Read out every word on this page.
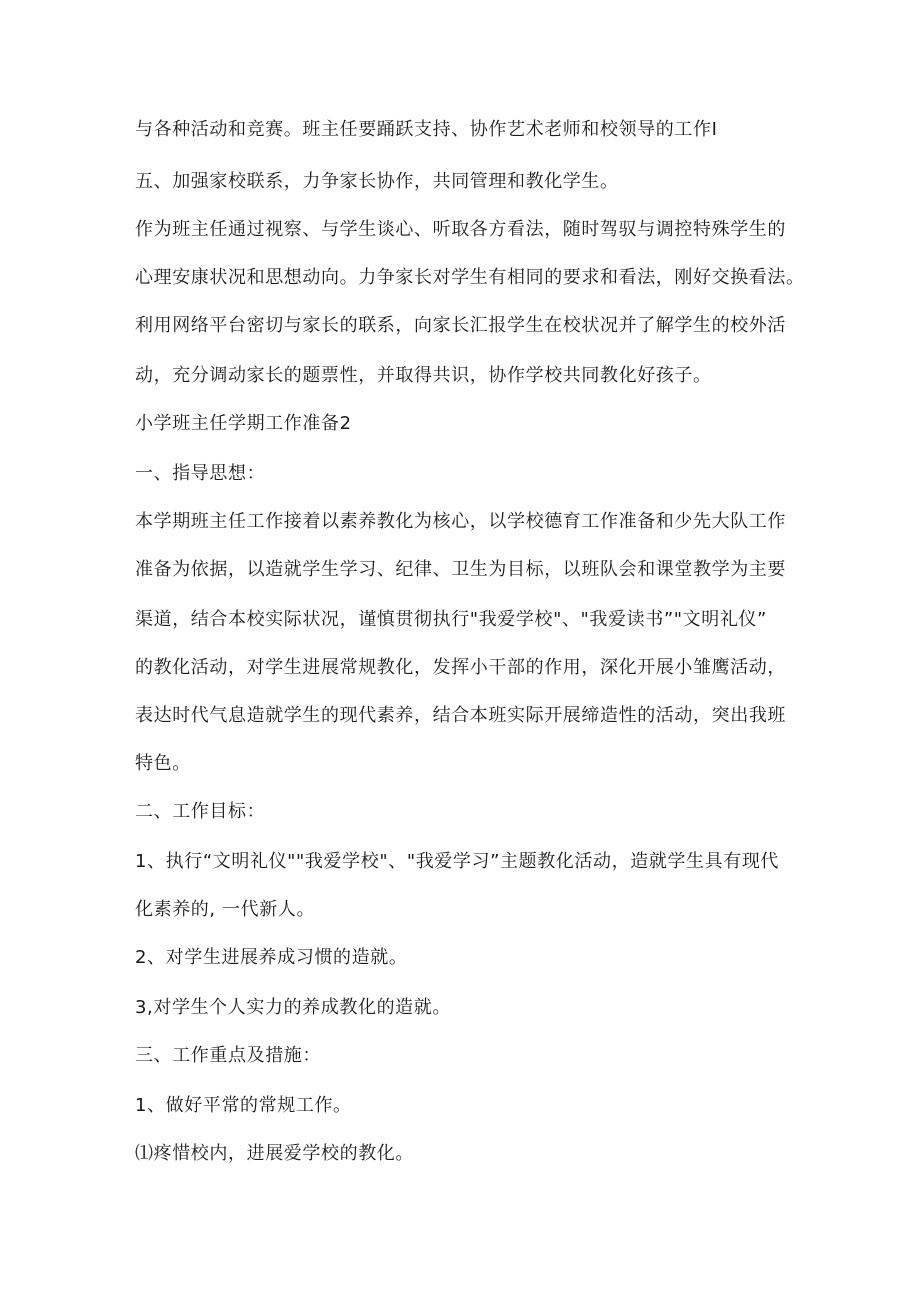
与各种活动和竞赛。班主任要踊跃支持、协作艺术老师和校领导的工作I
五、加强家校联系，力争家长协作，共同管理和教化学生。
作为班主任通过视察、与学生谈心、听取各方看法，随时驾驭与调控特殊学生的
心理安康状况和思想动向。力争家长对学生有相同的要求和看法，刚好交换看法。
利用网络平台密切与家长的联系，向家长汇报学生在校状况并了解学生的校外活
动，充分调动家长的题票性，并取得共识，协作学校共同教化好孩子。
小学班主任学期工作准备2
一、指导思想：
本学期班主任工作接着以素养教化为核心，以学校德育工作准备和少先大队工作
准备为依据，以造就学生学习、纪律、卫生为目标，以班队会和课堂教学为主要
渠道，结合本校实际状况，谨慎贯彻执行"我爱学校"、"我爱读书”"文明礼仪”
的教化活动，对学生进展常规教化，发挥小干部的作用，深化开展小雏鹰活动，
表达时代气息造就学生的现代素养，结合本班实际开展缔造性的活动，突出我班
特色。
二、工作目标：
1、执行“文明礼仪""我爱学校"、"我爱学习”主题教化活动，造就学生具有现代
化素养的, 一代新人。
2、对学生进展养成习惯的造就。
3,对学生个人实力的养成教化的造就。
三、工作重点及措施：
1、做好平常的常规工作。
⑴疼惜校内，进展爱学校的教化。
